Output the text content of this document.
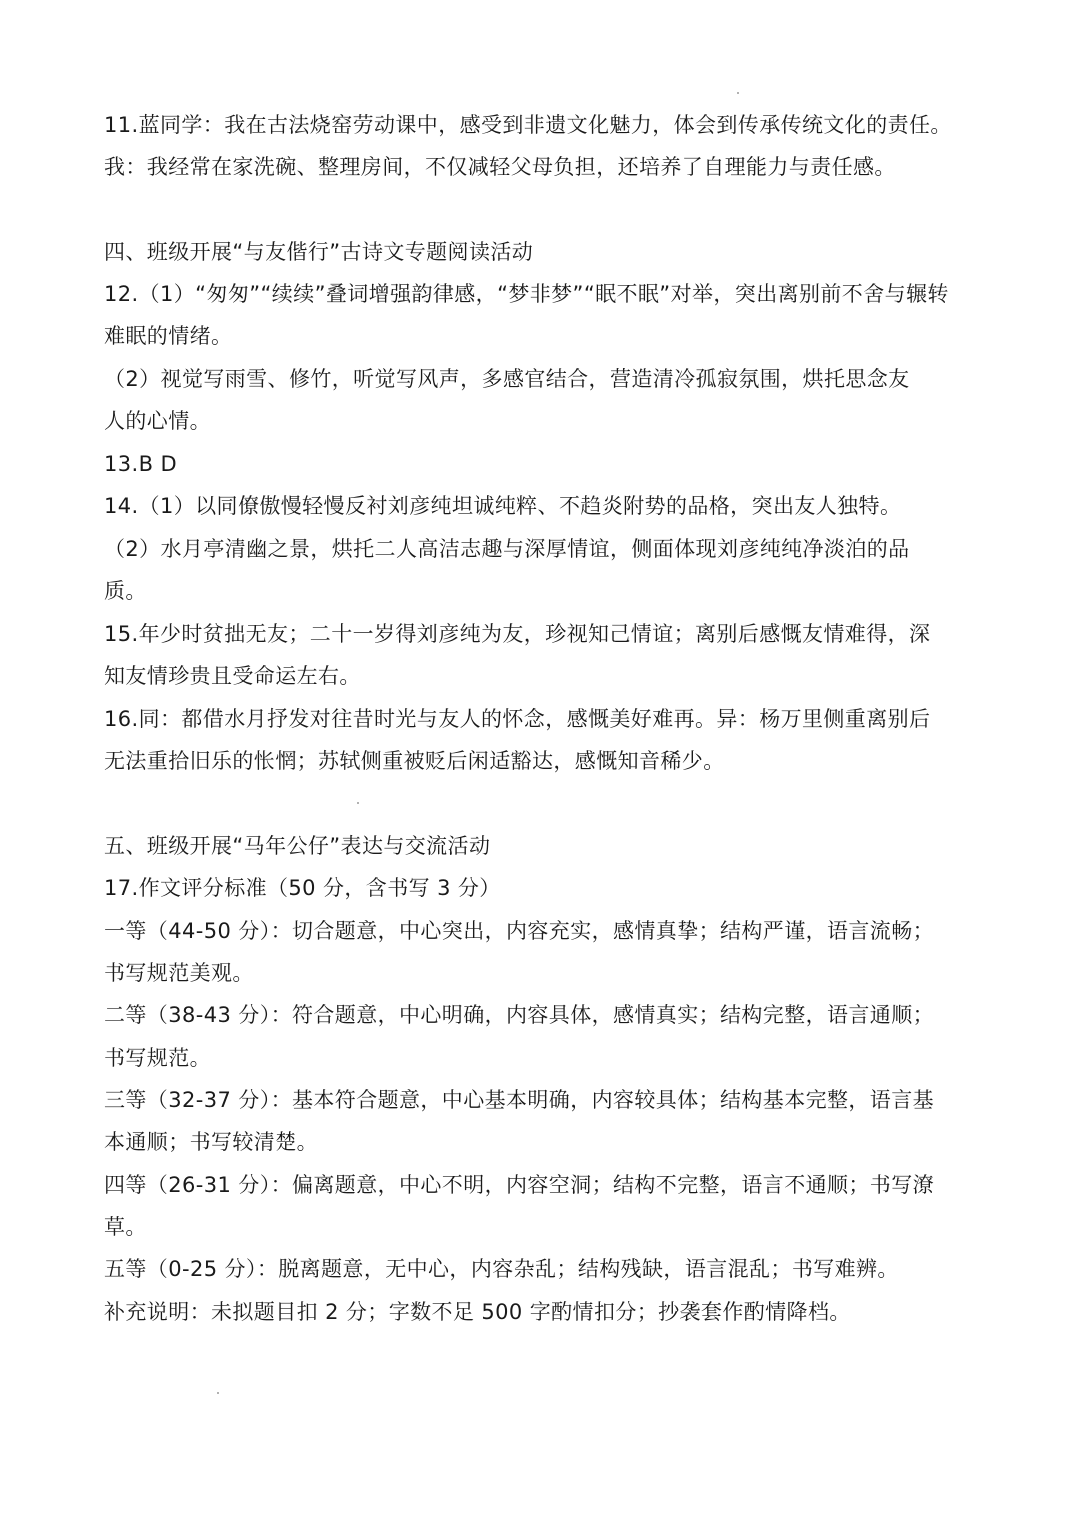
11.蓝同学：我在古法烧窑劳动课中，感受到非遗文化魅力，体会到传承传统文化的责任。
我：我经常在家洗碗、整理房间，不仅减轻父母负担，还培养了自理能力与责任感。
四、班级开展“与友偕行”古诗文专题阅读活动
12.（1）“匆匆”“续续”叠词增强韵律感，“梦非梦”“眠不眠”对举，突出离别前不舍与辗转
难眠的情绪。
（2）视觉写雨雪、修竹，听觉写风声，多感官结合，营造清冷孤寂氛围，烘托思念友
人的心情。
13.B D
14.（1）以同僚傲慢轻慢反衬刘彦纯坦诚纯粹、不趋炎附势的品格，突出友人独特。
（2）水月亭清幽之景，烘托二人高洁志趣与深厚情谊，侧面体现刘彦纯纯净淡泊的品
质。
15.年少时贫拙无友；二十一岁得刘彦纯为友，珍视知己情谊；离别后感慨友情难得，深
知友情珍贵且受命运左右。
16.同：都借水月抒发对往昔时光与友人的怀念，感慨美好难再。异：杨万里侧重离别后
无法重拾旧乐的怅惘；苏轼侧重被贬后闲适豁达，感慨知音稀少。
五、班级开展“马年公仔”表达与交流活动
17.作文评分标准（50 分，含书写 3 分）
一等（44-50 分）：切合题意，中心突出，内容充实，感情真挚；结构严谨，语言流畅；
书写规范美观。
二等（38-43 分）：符合题意，中心明确，内容具体，感情真实；结构完整，语言通顺；
书写规范。
三等（32-37 分）：基本符合题意，中心基本明确，内容较具体；结构基本完整，语言基
本通顺；书写较清楚。
四等（26-31 分）：偏离题意，中心不明，内容空洞；结构不完整，语言不通顺；书写潦
草。
五等（0-25 分）：脱离题意，无中心，内容杂乱；结构残缺，语言混乱；书写难辨。
补充说明：未拟题目扣 2 分；字数不足 500 字酌情扣分；抄袭套作酌情降档。
